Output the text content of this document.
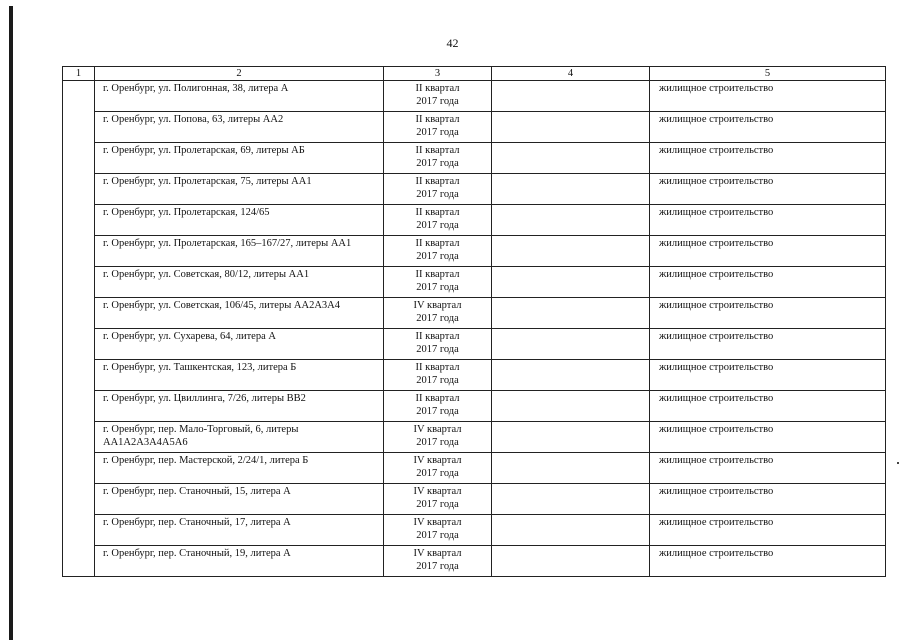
42
1	2	3	4	5
	г. Оренбург, ул. Полигонная, 38, литера А	II квартал
2017 года		жилищное строительство
	г. Оренбург, ул. Попова, 63, литеры АА2	II квартал
2017 года		жилищное строительство
	г. Оренбург, ул. Пролетарская, 69, литеры АБ	II квартал
2017 года		жилищное строительство
	г. Оренбург, ул. Пролетарская, 75, литеры АА1	II квартал
2017 года		жилищное строительство
	г. Оренбург, ул. Пролетарская, 124/65	II квартал
2017 года		жилищное строительство
	г. Оренбург, ул. Пролетарская, 165–167/27, литеры АА1	II квартал
2017 года		жилищное строительство
	г. Оренбург, ул. Советская, 80/12, литеры АА1	II квартал
2017 года		жилищное строительство
	г. Оренбург, ул. Советская, 106/45, литеры АА2А3А4	IV квартал
2017 года		жилищное строительство
	г. Оренбург, ул. Сухарева, 64, литера А	II квартал
2017 года		жилищное строительство
	г. Оренбург, ул. Ташкентская, 123, литера Б	II квартал
2017 года		жилищное строительство
	г. Оренбург, ул. Цвиллинга, 7/26, литеры ВВ2	II квартал
2017 года		жилищное строительство
	г. Оренбург, пер. Мало-Торговый, 6, литеры АА1А2А3А4А5А6	IV квартал
2017 года		жилищное строительство
	г. Оренбург, пер. Мастерской, 2/24/1, литера Б	IV квартал
2017 года		жилищное строительство
	г. Оренбург, пер. Станочный, 15, литера А	IV квартал
2017 года		жилищное строительство
	г. Оренбург, пер. Станочный, 17, литера А	IV квартал
2017 года		жилищное строительство
	г. Оренбург, пер. Станочный, 19, литера А	IV квартал
2017 года		жилищное строительство
